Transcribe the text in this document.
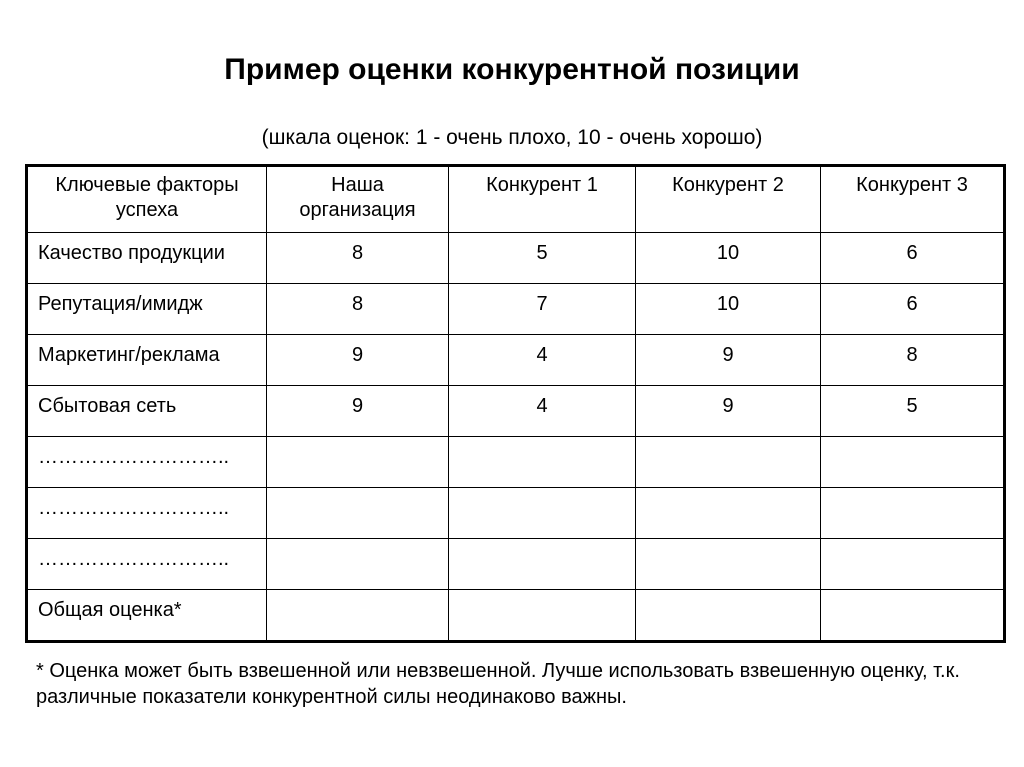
Пример оценки конкурентной позиции
(шкала оценок: 1 - очень плохо, 10 - очень хорошо)
Ключевые факторы успеха	Наша организация	Конкурент 1	Конкурент 2	Конкурент 3
Качество продукции	8	5	10	6
Репутация/имидж	8	7	10	6
Маркетинг/реклама	9	4	9	8
Сбытовая сеть	9	4	9	5
………………………..				
………………………..				
………………………..				
Общая оценка*				
* Оценка может быть взвешенной или невзвешенной. Лучше использовать взвешенную оценку, т.к. различные показатели конкурентной силы неодинаково важны.
